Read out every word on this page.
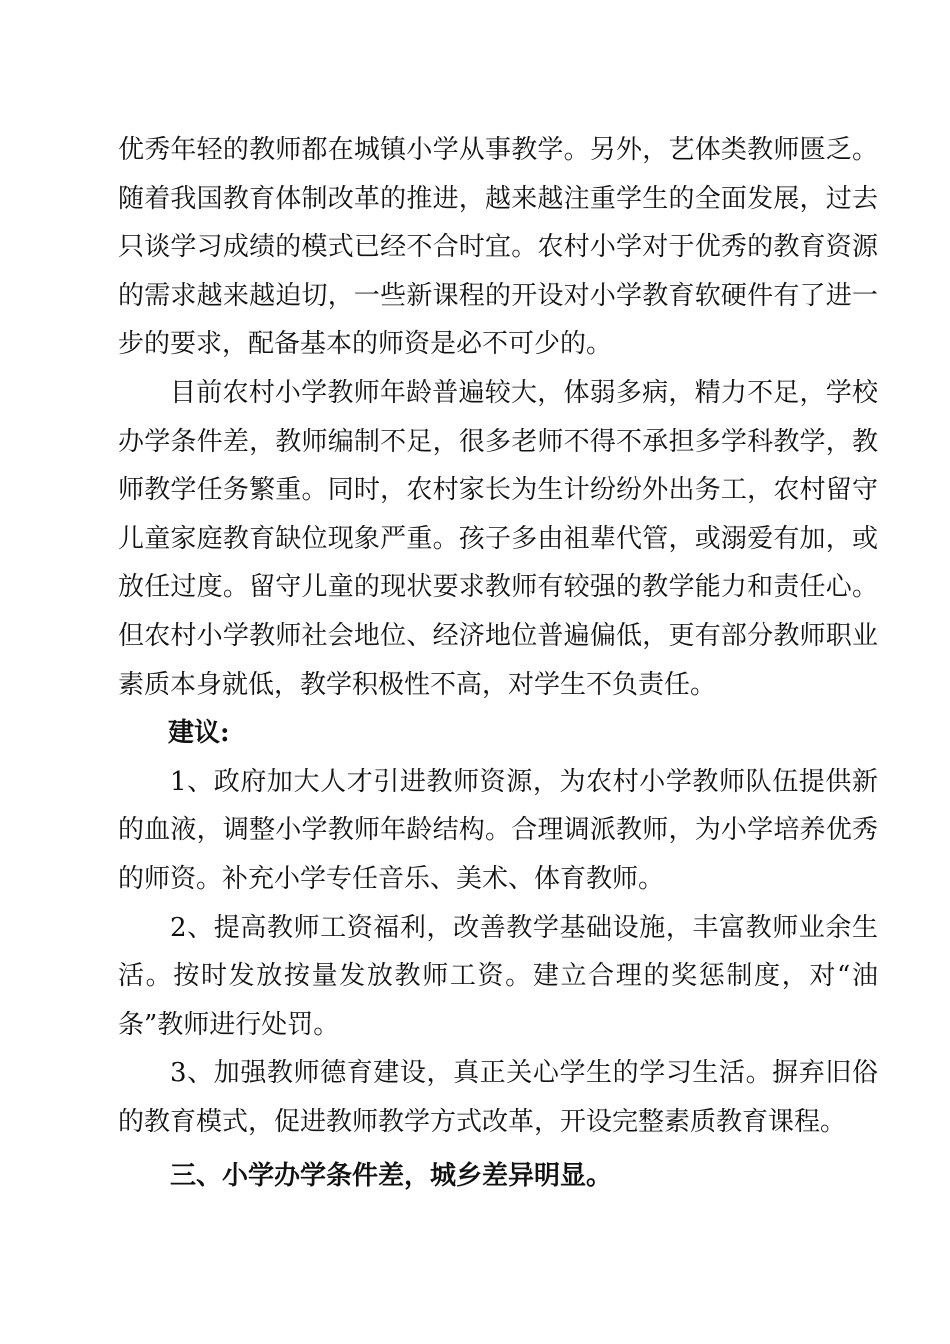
优秀年轻的教师都在城镇小学从事教学。另外，艺体类教师匮乏。随着我国教育体制改革的推进，越来越注重学生的全面发展，过去只谈学习成绩的模式已经不合时宜。农村小学对于优秀的教育资源的需求越来越迫切，一些新课程的开设对小学教育软硬件有了进一步的要求，配备基本的师资是必不可少的。

目前农村小学教师年龄普遍较大，体弱多病，精力不足，学校办学条件差，教师编制不足，很多老师不得不承担多学科教学，教师教学任务繁重。同时，农村家长为生计纷纷外出务工，农村留守儿童家庭教育缺位现象严重。孩子多由祖辈代管，或溺爱有加，或放任过度。留守儿童的现状要求教师有较强的教学能力和责任心。但农村小学教师社会地位、经济地位普遍偏低，更有部分教师职业素质本身就低，教学积极性不高，对学生不负责任。

建议:

1、政府加大人才引进教师资源，为农村小学教师队伍提供新的血液，调整小学教师年龄结构。合理调派教师，为小学培养优秀的师资。补充小学专任音乐、美术、体育教师。

2、提高教师工资福利，改善教学基础设施，丰富教师业余生活。按时发放按量发放教师工资。建立合理的奖惩制度，对“油条”教师进行处罚。

3、加强教师德育建设，真正关心学生的学习生活。摒弃旧俗的教育模式，促进教师教学方式改革，开设完整素质教育课程。

三、小学办学条件差，城乡差异明显。
